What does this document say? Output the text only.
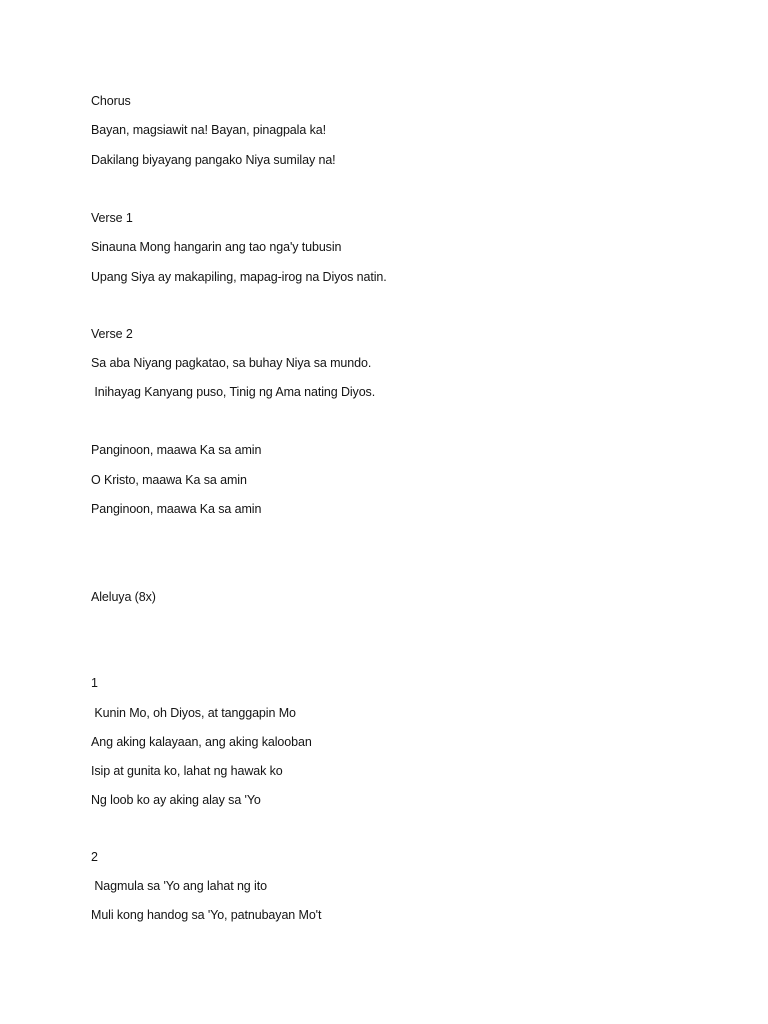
Chorus
Bayan, magsiawit na! Bayan, pinagpala ka!
Dakilang biyayang pangako Niya sumilay na!
Verse 1
Sinauna Mong hangarin ang tao nga'y tubusin
Upang Siya ay makapiling, mapag-irog na Diyos natin.
Verse 2
Sa aba Niyang pagkatao, sa buhay Niya sa mundo.
Inihayag Kanyang puso, Tinig ng Ama nating Diyos.
Panginoon, maawa Ka sa amin
O Kristo, maawa Ka sa amin
Panginoon, maawa Ka sa amin
Aleluya (8x)
1
Kunin Mo, oh Diyos, at tanggapin Mo
Ang aking kalayaan, ang aking kalooban
Isip at gunita ko, lahat ng hawak ko
Ng loob ko ay aking alay sa 'Yo
2
Nagmula sa 'Yo ang lahat ng ito
Muli kong handog sa 'Yo, patnubayan Mo't
